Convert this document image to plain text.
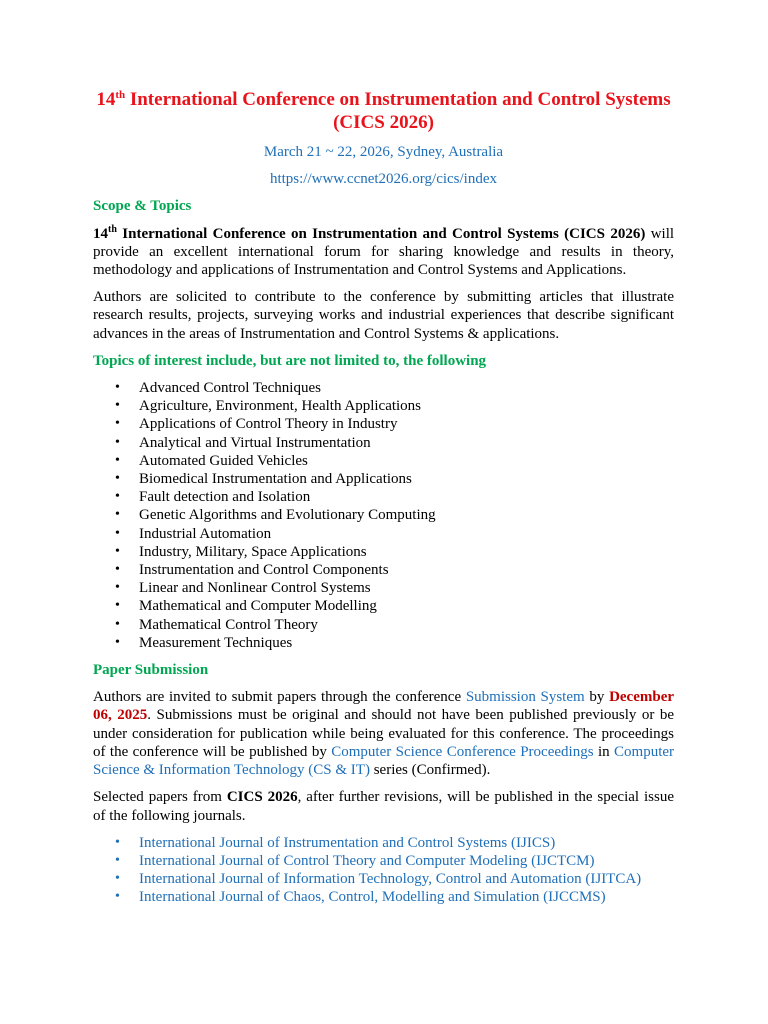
14th International Conference on Instrumentation and Control Systems (CICS 2026)

March 21 ~ 22, 2026, Sydney, Australia

https://www.ccnet2026.org/cics/index

Scope & Topics

14th International Conference on Instrumentation and Control Systems (CICS 2026) will provide an excellent international forum for sharing knowledge and results in theory, methodology and applications of Instrumentation and Control Systems and Applications.

Authors are solicited to contribute to the conference by submitting articles that illustrate research results, projects, surveying works and industrial experiences that describe significant advances in the areas of Instrumentation and Control Systems & applications.

Topics of interest include, but are not limited to, the following
• Advanced Control Techniques
• Agriculture, Environment, Health Applications
• Applications of Control Theory in Industry
• Analytical and Virtual Instrumentation
• Automated Guided Vehicles
• Biomedical Instrumentation and Applications
• Fault detection and Isolation
• Genetic Algorithms and Evolutionary Computing
• Industrial Automation
• Industry, Military, Space Applications
• Instrumentation and Control Components
• Linear and Nonlinear Control Systems
• Mathematical and Computer Modelling
• Mathematical Control Theory
• Measurement Techniques
Paper Submission

Authors are invited to submit papers through the conference Submission System by December 06, 2025. Submissions must be original and should not have been published previously or be under consideration for publication while being evaluated for this conference. The proceedings of the conference will be published by Computer Science Conference Proceedings in Computer Science & Information Technology (CS & IT) series (Confirmed).

Selected papers from CICS 2026, after further revisions, will be published in the special issue of the following journals.

• International Journal of Instrumentation and Control Systems (IJICS)
• International Journal of Control Theory and Computer Modeling (IJCTCM)
• International Journal of Information Technology, Control and Automation (IJITCA)
• International Journal of Chaos, Control, Modelling and Simulation (IJCCMS)
